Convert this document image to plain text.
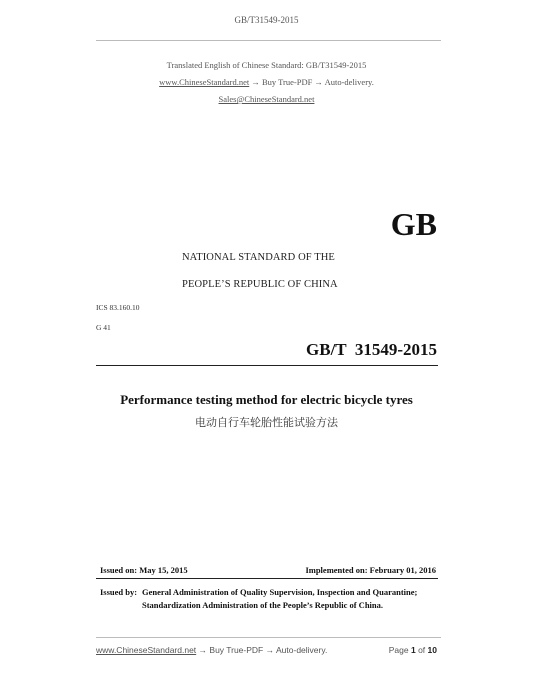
GB/T31549-2015
Translated English of Chinese Standard: GB/T31549-2015
www.ChineseStandard.net → Buy True-PDF → Auto-delivery.
Sales@ChineseStandard.net
GB
NATIONAL STANDARD OF THE
PEOPLE’S REPUBLIC OF CHINA
ICS 83.160.10
G 41
GB/T  31549-2015
Performance testing method for electric bicycle tyres
电动自行车轮胎性能试验方法
Issued on: May 15, 2015	Implemented on: February 01, 2016
Issued by: General Administration of Quality Supervision, Inspection and Quarantine;
Standardization Administration of the People’s Republic of China.
www.ChineseStandard.net → Buy True-PDF → Auto-delivery.	Page 1 of 10
